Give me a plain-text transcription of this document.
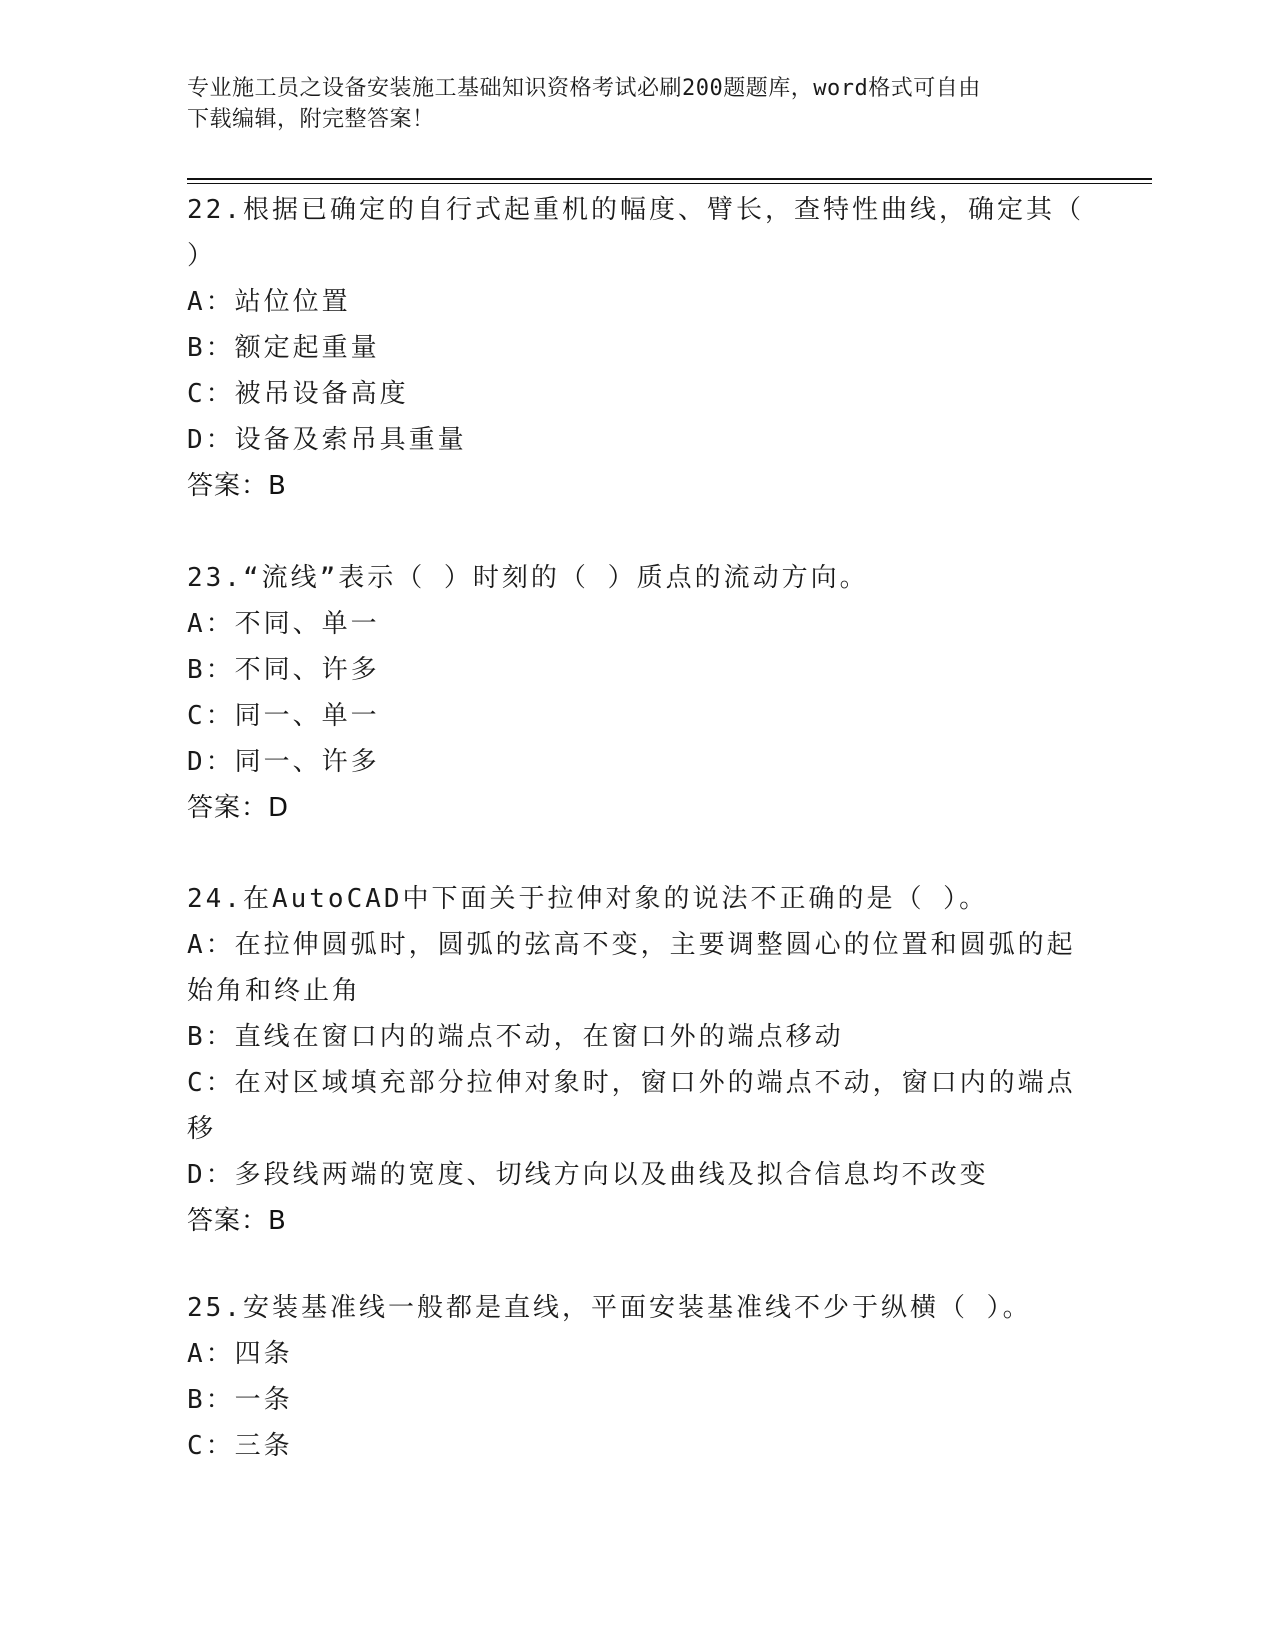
专业施工员之设备安装施工基础知识资格考试必刷200题题库，word格式可自由
下载编辑，附完整答案！
22.根据已确定的自行式起重机的幅度、臂长，查特性曲线，确定其（
）
A：站位位置
B：额定起重量
C：被吊设备高度
D：设备及索吊具重量
答案：B
23.“流线”表示（ ）时刻的（ ）质点的流动方向。
A：不同、单一
B：不同、许多
C：同一、单一
D：同一、许多
答案：D
24.在AutoCAD中下面关于拉伸对象的说法不正确的是（ ）。
A：在拉伸圆弧时，圆弧的弦高不变，主要调整圆心的位置和圆弧的起
始角和终止角
B：直线在窗口内的端点不动，在窗口外的端点移动
C：在对区域填充部分拉伸对象时，窗口外的端点不动，窗口内的端点
移
D：多段线两端的宽度、切线方向以及曲线及拟合信息均不改变
答案：B
25.安装基准线一般都是直线，平面安装基准线不少于纵横（ ）。
A：四条
B：一条
C：三条
